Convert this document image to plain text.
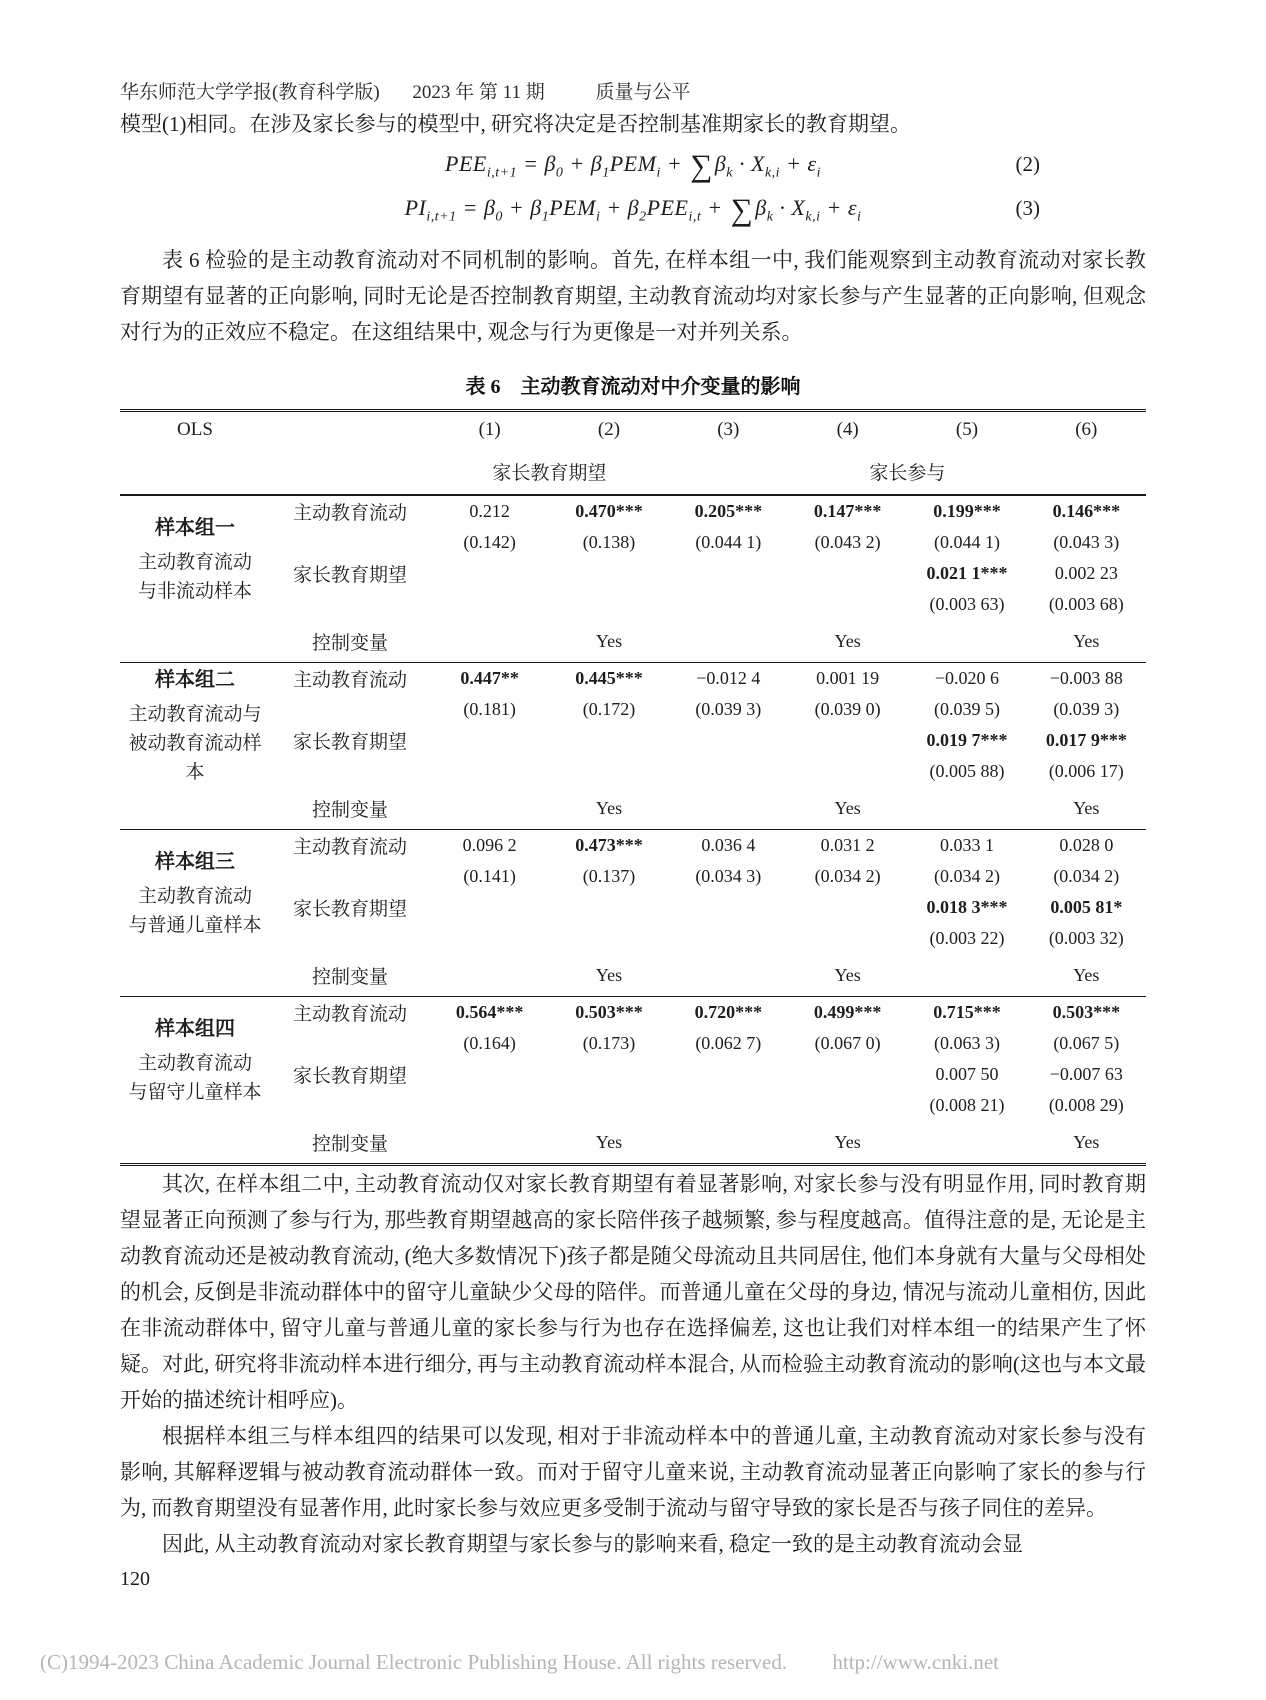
华东师范大学学报(教育科学版) 2023 年 第 11 期	质量与公平

模型(1)相同。在涉及家长参与的模型中, 研究将决定是否控制基准期家长的教育期望。

$PEE_{i,t+1} = \beta_0 + \beta_1PEM_i + \sum\beta_k \cdot X_{k,i} + \varepsilon_i$	(2)
$PI_{i,t+1} = \beta_0 + \beta_1PEM_i + \beta_2PEE_{i,t} + \sum\beta_k \cdot X_{k,i} + \varepsilon_i$	(3)

表 6 检验的是主动教育流动对不同机制的影响。首先, 在样本组一中, 我们能观察到主动教育流动对家长教育期望有显著的正向影响, 同时无论是否控制教育期望, 主动教育流动均对家长参与产生显著的正向影响, 但观念对行为的正效应不稳定。在这组结果中, 观念与行为更像是一对并列关系。

表 6　主动教育流动对中介变量的影响
OLS		(1)	(2)	(3)	(4)	(5)	(6)
		家长教育期望		家长参与			

样本组一
主动教育流动
与非流动样本	主动教育流动	0.212	0.470***	0.205***	0.147***	0.199***	0.146***
		(0.142)	(0.138)	(0.044 1)	(0.043 2)	(0.044 1)	(0.043 3)
	家长教育期望					0.021 1***	0.002 23
						(0.003 63)	(0.003 68)
	控制变量		Yes		Yes		Yes

样本组二
主动教育流动与
被动教育流动样本	主动教育流动	0.447**	0.445***	−0.012 4	0.001 19	−0.020 6	−0.003 88
		(0.181)	(0.172)	(0.039 3)	(0.039 0)	(0.039 5)	(0.039 3)
	家长教育期望					0.019 7***	0.017 9***
						(0.005 88)	(0.006 17)
	控制变量		Yes		Yes		Yes

样本组三
主动教育流动
与普通儿童样本	主动教育流动	0.096 2	0.473***	0.036 4	0.031 2	0.033 1	0.028 0
		(0.141)	(0.137)	(0.034 3)	(0.034 2)	(0.034 2)	(0.034 2)
	家长教育期望					0.018 3***	0.005 81*
						(0.003 22)	(0.003 32)
	控制变量		Yes		Yes		Yes

样本组四
主动教育流动
与留守儿童样本	主动教育流动	0.564***	0.503***	0.720***	0.499***	0.715***	0.503***
		(0.164)	(0.173)	(0.062 7)	(0.067 0)	(0.063 3)	(0.067 5)
	家长教育期望					0.007 50	−0.007 63
						(0.008 21)	(0.008 29)
	控制变量		Yes		Yes		Yes

其次, 在样本组二中, 主动教育流动仅对家长教育期望有着显著影响, 对家长参与没有明显作用, 同时教育期望显著正向预测了参与行为, 那些教育期望越高的家长陪伴孩子越频繁, 参与程度越高。值得注意的是, 无论是主动教育流动还是被动教育流动, (绝大多数情况下)孩子都是随父母流动且共同居住, 他们本身就有大量与父母相处的机会, 反倒是非流动群体中的留守儿童缺少父母的陪伴。而普通儿童在父母的身边, 情况与流动儿童相仿, 因此在非流动群体中, 留守儿童与普通儿童的家长参与行为也存在选择偏差, 这也让我们对样本组一的结果产生了怀疑。对此, 研究将非流动样本进行细分, 再与主动教育流动样本混合, 从而检验主动教育流动的影响(这也与本文最开始的描述统计相呼应)。

根据样本组三与样本组四的结果可以发现, 相对于非流动样本中的普通儿童, 主动教育流动对家长参与没有影响, 其解释逻辑与被动教育流动群体一致。而对于留守儿童来说, 主动教育流动显著正向影响了家长的参与行为, 而教育期望没有显著作用, 此时家长参与效应更多受制于流动与留守导致的家长是否与孩子同住的差异。

因此, 从主动教育流动对家长教育期望与家长参与的影响来看, 稳定一致的是主动教育流动会显

120
(C)1994-2023 China Academic Journal Electronic Publishing House. All rights reserved. http://www.cnki.net
